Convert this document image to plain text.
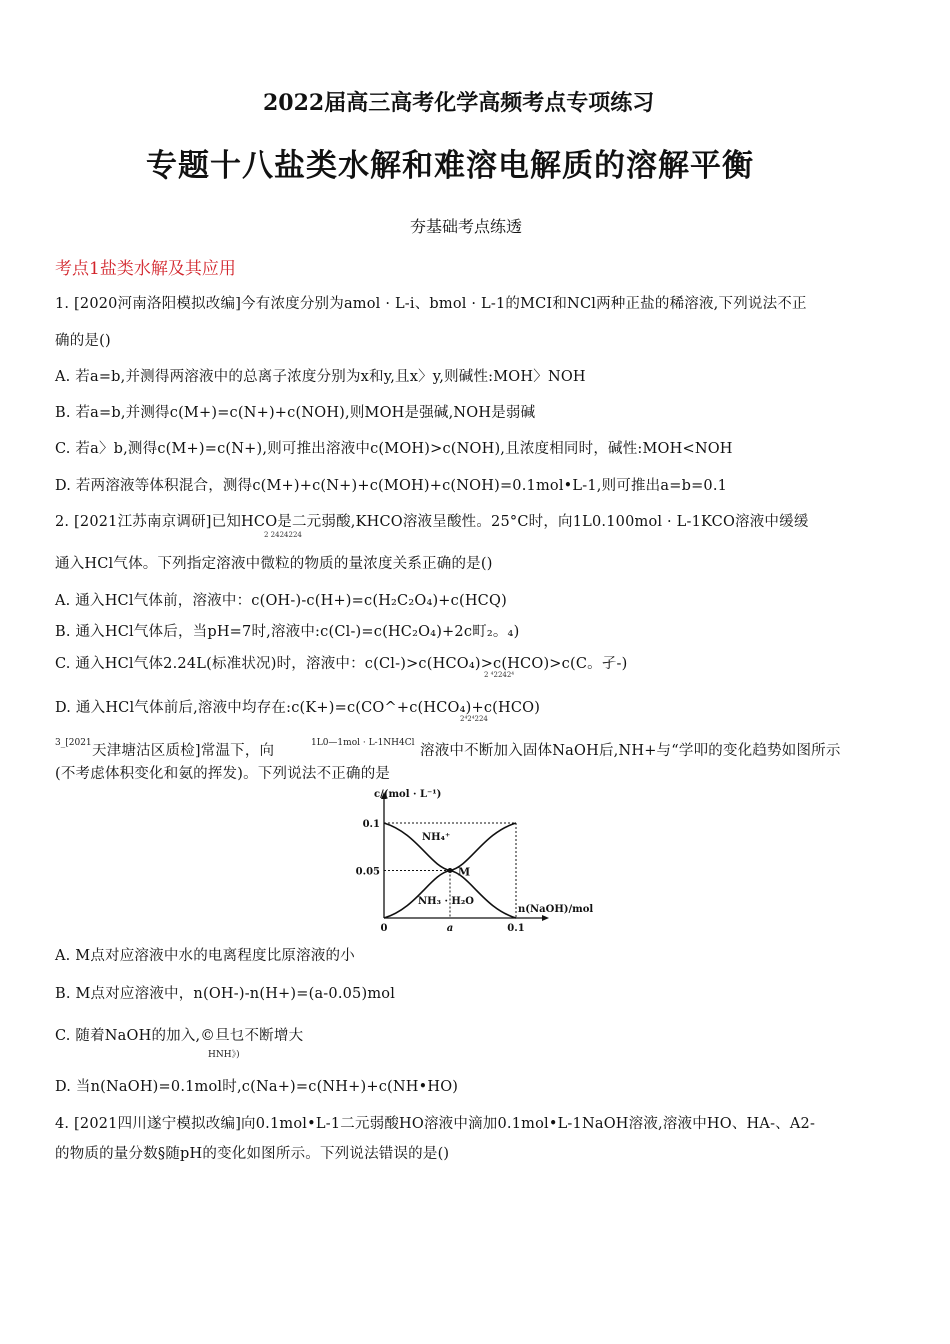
2022届高三高考化学高频考点专项练习
专题十八盐类水解和难溶电解质的溶解平衡
夯基础考点练透
考点1盐类水解及其应用
1. [2020河南洛阳模拟改编]今有浓度分别为amol · L-i、bmol · L-1的MCI和NCl两种正盐的稀溶液,下列说法不正
确的是()
A. 若a=b,并测得两溶液中的总离子浓度分别为x和y,且x〉y,则碱性:MOH〉NOH
B. 若a=b,并测得c(M+)=c(N+)+c(NOH),则MOH是强碱,NOH是弱碱
C. 若a〉b,测得c(M+)=c(N+),则可推出溶液中c(MOH)>c(NOH),且浓度相同时，碱性:MOH<NOH
D. 若两溶液等体积混合，测得c(M+)+c(N+)+c(MOH)+c(NOH)=0.1mol•L-1,则可推出a=b=0.1
2. [2021江苏南京调研]已知HCO是二元弱酸,KHCO溶液呈酸性。25°C时，向1L0.100mol · L-1KCO溶液中缓缓
2 2424224
通入HCl气体。下列指定溶液中微粒的物质的量浓度关系正确的是()
A. 通入HCl气体前，溶液中：c(OH-)-c(H+)=c(H₂C₂O₄)+c(HCQ)
B. 通入HCl气体后，当pH=7时,溶液中:c(Cl-)=c(HC₂O₄)+2c町₂。₄)
C. 通入HCl气体2.24L(标准状况)时，溶液中：c(Cl-)>c(HCO₄)>c(HCO)>c(C。孑-)
2 ⁴2242⁴
D. 通入HCl气体前后,溶液中均存在:c(K+)=c(CO^+c(HCO₄)+c(HCO)
2⁴2⁴224
3_[2021 天津塘沽区质检]常温下，向	1L0—1mol · L-1NH4Cl 溶液中不断加入固体NaOH后,NH+与“学叩的变化趋势如图所示
(不考虑体积变化和氨的挥发)。下列说法不正确的是
c/(mol · L⁻¹)
n(NaOH)/mol
M
NH₄⁺
NH₃ · H₂O
0.05
0.1
0	a	0.1
A. M点对应溶液中水的电离程度比原溶液的小
B. M点对应溶液中，n(OH-)-n(H+)=(a-0.05)mol
C. 随着NaOH的加入,©旦乜不断增大
HNH》)
D. 当n(NaOH)=0.1mol时,c(Na+)=c(NH+)+c(NH•HO)
4. [2021四川遂宁模拟改编]向0.1mol•L-1二元弱酸HO溶液中滴加0.1mol•L-1NaOH溶液,溶液中HO、HA-、A2-
的物质的量分数§随pH的变化如图所示。下列说法错误的是()
